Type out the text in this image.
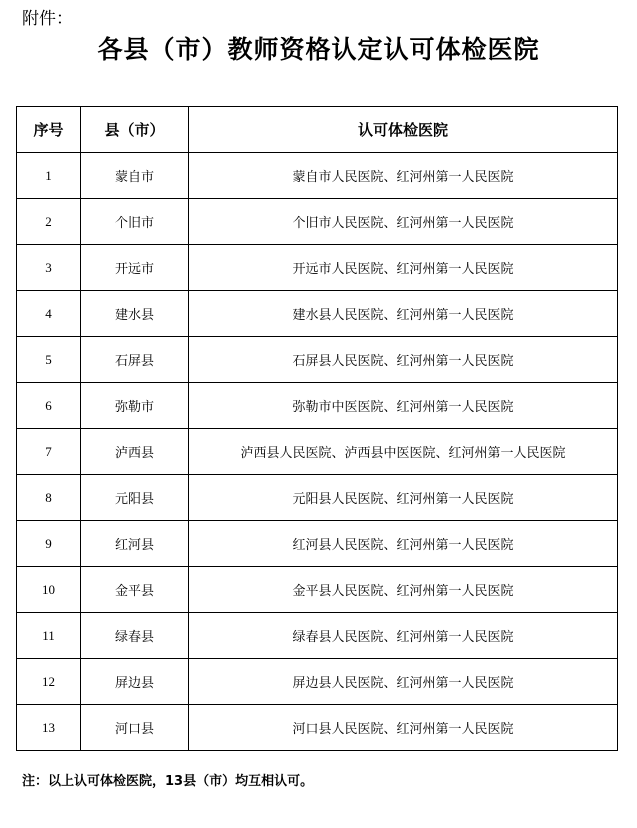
附件：
各县（市）教师资格认定认可体检医院
序号	县（市）	认可体检医院
1	蒙自市	蒙自市人民医院、红河州第一人民医院
2	个旧市	个旧市人民医院、红河州第一人民医院
3	开远市	开远市人民医院、红河州第一人民医院
4	建水县	建水县人民医院、红河州第一人民医院
5	石屏县	石屏县人民医院、红河州第一人民医院
6	弥勒市	弥勒市中医医院、红河州第一人民医院
7	泸西县	泸西县人民医院、泸西县中医医院、红河州第一人民医院
8	元阳县	元阳县人民医院、红河州第一人民医院
9	红河县	红河县人民医院、红河州第一人民医院
10	金平县	金平县人民医院、红河州第一人民医院
11	绿春县	绿春县人民医院、红河州第一人民医院
12	屏边县	屏边县人民医院、红河州第一人民医院
13	河口县	河口县人民医院、红河州第一人民医院
注：以上认可体检医院，13县（市）均互相认可。
